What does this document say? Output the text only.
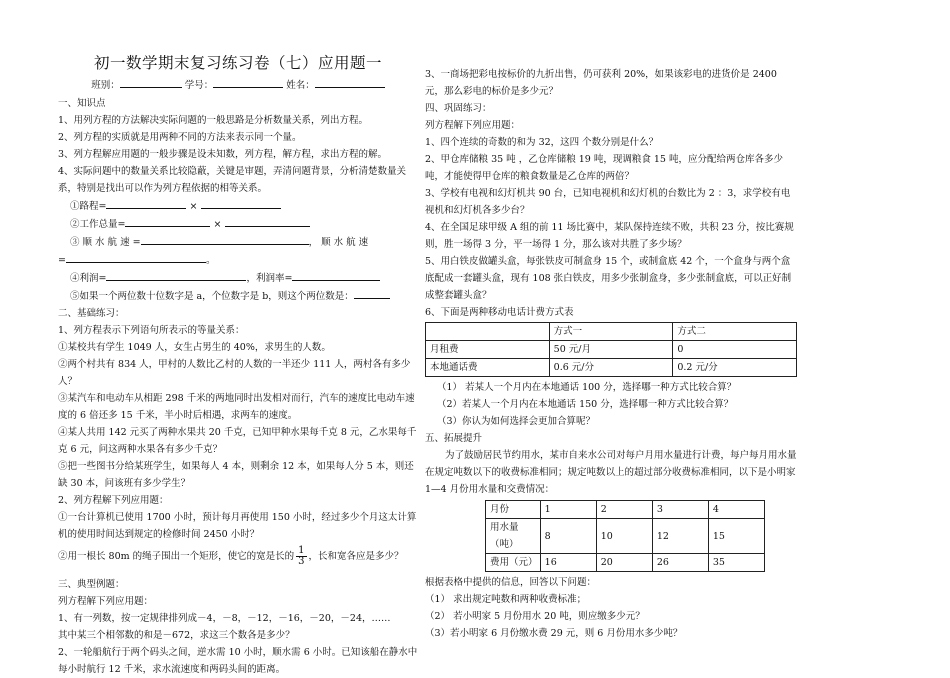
初一数学期末复习练习卷（七）应用题一
班别：	学号：	姓名：

一、知识点

1、用列方程的方法解决实际问题的一般思路是分析数量关系，列出方程。

2、列方程的实质就是用两种不同的方法来表示同一个量。

3、列方程解应用题的一般步骤是设未知数，列方程，解方程，求出方程的解。

4、实际问题中的数量关系比较隐蔽，关键是审题，弄清问题背景，分析清楚数量关系，特别是找出可以作为列方程依据的相等关系。

①路程=	×

②工作总量=	×

③ 顺 水 航 速 =	， 顺 水 航 速

=	。

④利润=	，利润率=

⑤如果一个两位数十位数字是 a，个位数字是 b，则这个两位数是：

二、基础练习：

1、列方程表示下列语句所表示的等量关系：

①某校共有学生 1049 人，女生占男生的 40%，求男生的人数。

②两个村共有 834 人，甲村的人数比乙村的人数的一半还少 111 人，两村各有多少人？

③某汽车和电动车从相距 298 千米的两地同时出发相对而行，汽车的速度比电动车速度的 6 倍还多 15 千米，半小时后相遇，求两车的速度。

④某人共用 142 元买了两种水果共 20 千克，已知甲种水果每千克 8 元，乙水果每千克 6 元，问这两种水果各有多少千克？

⑤把一些图书分给某班学生，如果每人 4 本，则剩余 12 本，如果每人分 5 本，则还缺 30 本，问该班有多少学生？

2、列方程解下列应用题：

①一台计算机已使用 1700 小时，预计每月再使用 150 小时，经过多少个月这太计算机的使用时间达到规定的检修时间 2450 小时？

②用一根长 80m 的绳子围出一个矩形，使它的宽是长的 $\frac{1}{3}$ ，长和宽各应是多少？

三、典型例题：

列方程解下列应用题：

1、有一列数，按一定规律排列成－4，－8，－12，－16，－20，－24，……

其中某三个相邻数的和是－672，求这三个数各是多少？

2、一轮船航行于两个码头之间，逆水需 10 小时，顺水需 6 小时。已知该船在静水中每小时航行 12 千米，求水流速度和两码头间的距离。

3、一商场把彩电按标价的九折出售，仍可获利 20%，如果该彩电的进货价是 2400 元，那么彩电的标价是多少元？

四、巩固练习：

列方程解下列应用题：

1、四个连续的奇数的和为 32，这四 个数分别是什么？

2、甲仓库储粮 35 吨 ，乙仓库储粮 19 吨，现调粮食 15 吨，应分配给两仓库各多少吨，才能使得甲仓库的粮食数量是乙仓库的两倍？

3、学校有电视和幻灯机共 90 台，已知电视机和幻灯机的台数比为 2 ：3，求学校有电视机和幻灯机各多少台？

4、在全国足球甲级 A 组的前 11 场比赛中，某队保持连续不败，共积 23 分，按比赛规则，胜一场得 3 分，平一场得 1 分，那么该对共胜了多少场？

5、用白铁皮做罐头盒，每张铁皮可制盒身 15 个，或制盒底 42 个，一个盒身与两个盒底配成一套罐头盒，现有 108 张白铁皮，用多少张制盒身，多少张制盒底，可以正好制成整套罐头盒？

6、下面是两种移动电话计费方式表

	方式一	方式二
月租费	50 元/月	0
本地通话费	0.6 元/分	0.2 元/分

（1） 若某人一个月内在本地通话 100 分，选择哪一种方式比较合算？

（2）若某人一个月内在本地通话 150 分，选择哪一种方式比较合算？

（3）你认为如何选择会更加合算呢？

五、拓展提升

为了鼓励居民节约用水，某市自来水公司对每户月用水量进行计费，每户每月用水量在规定吨数以下的收费标准相同；规定吨数以上的超过部分收费标准相同，以下是小明家 1—4 月份用水量和交费情况：

月份	1	2	3	4
用水量（吨）	8	10	12	15
费用（元）	16	20	26	35

根据表格中提供的信息，回答以下问题：

（1） 求出规定吨数和两种收费标准；

（2） 若小明家 5 月份用水 20 吨，则应缴多少元？

（3）若小明家 6 月份缴水费 29 元，则 6 月份用水多少吨？
